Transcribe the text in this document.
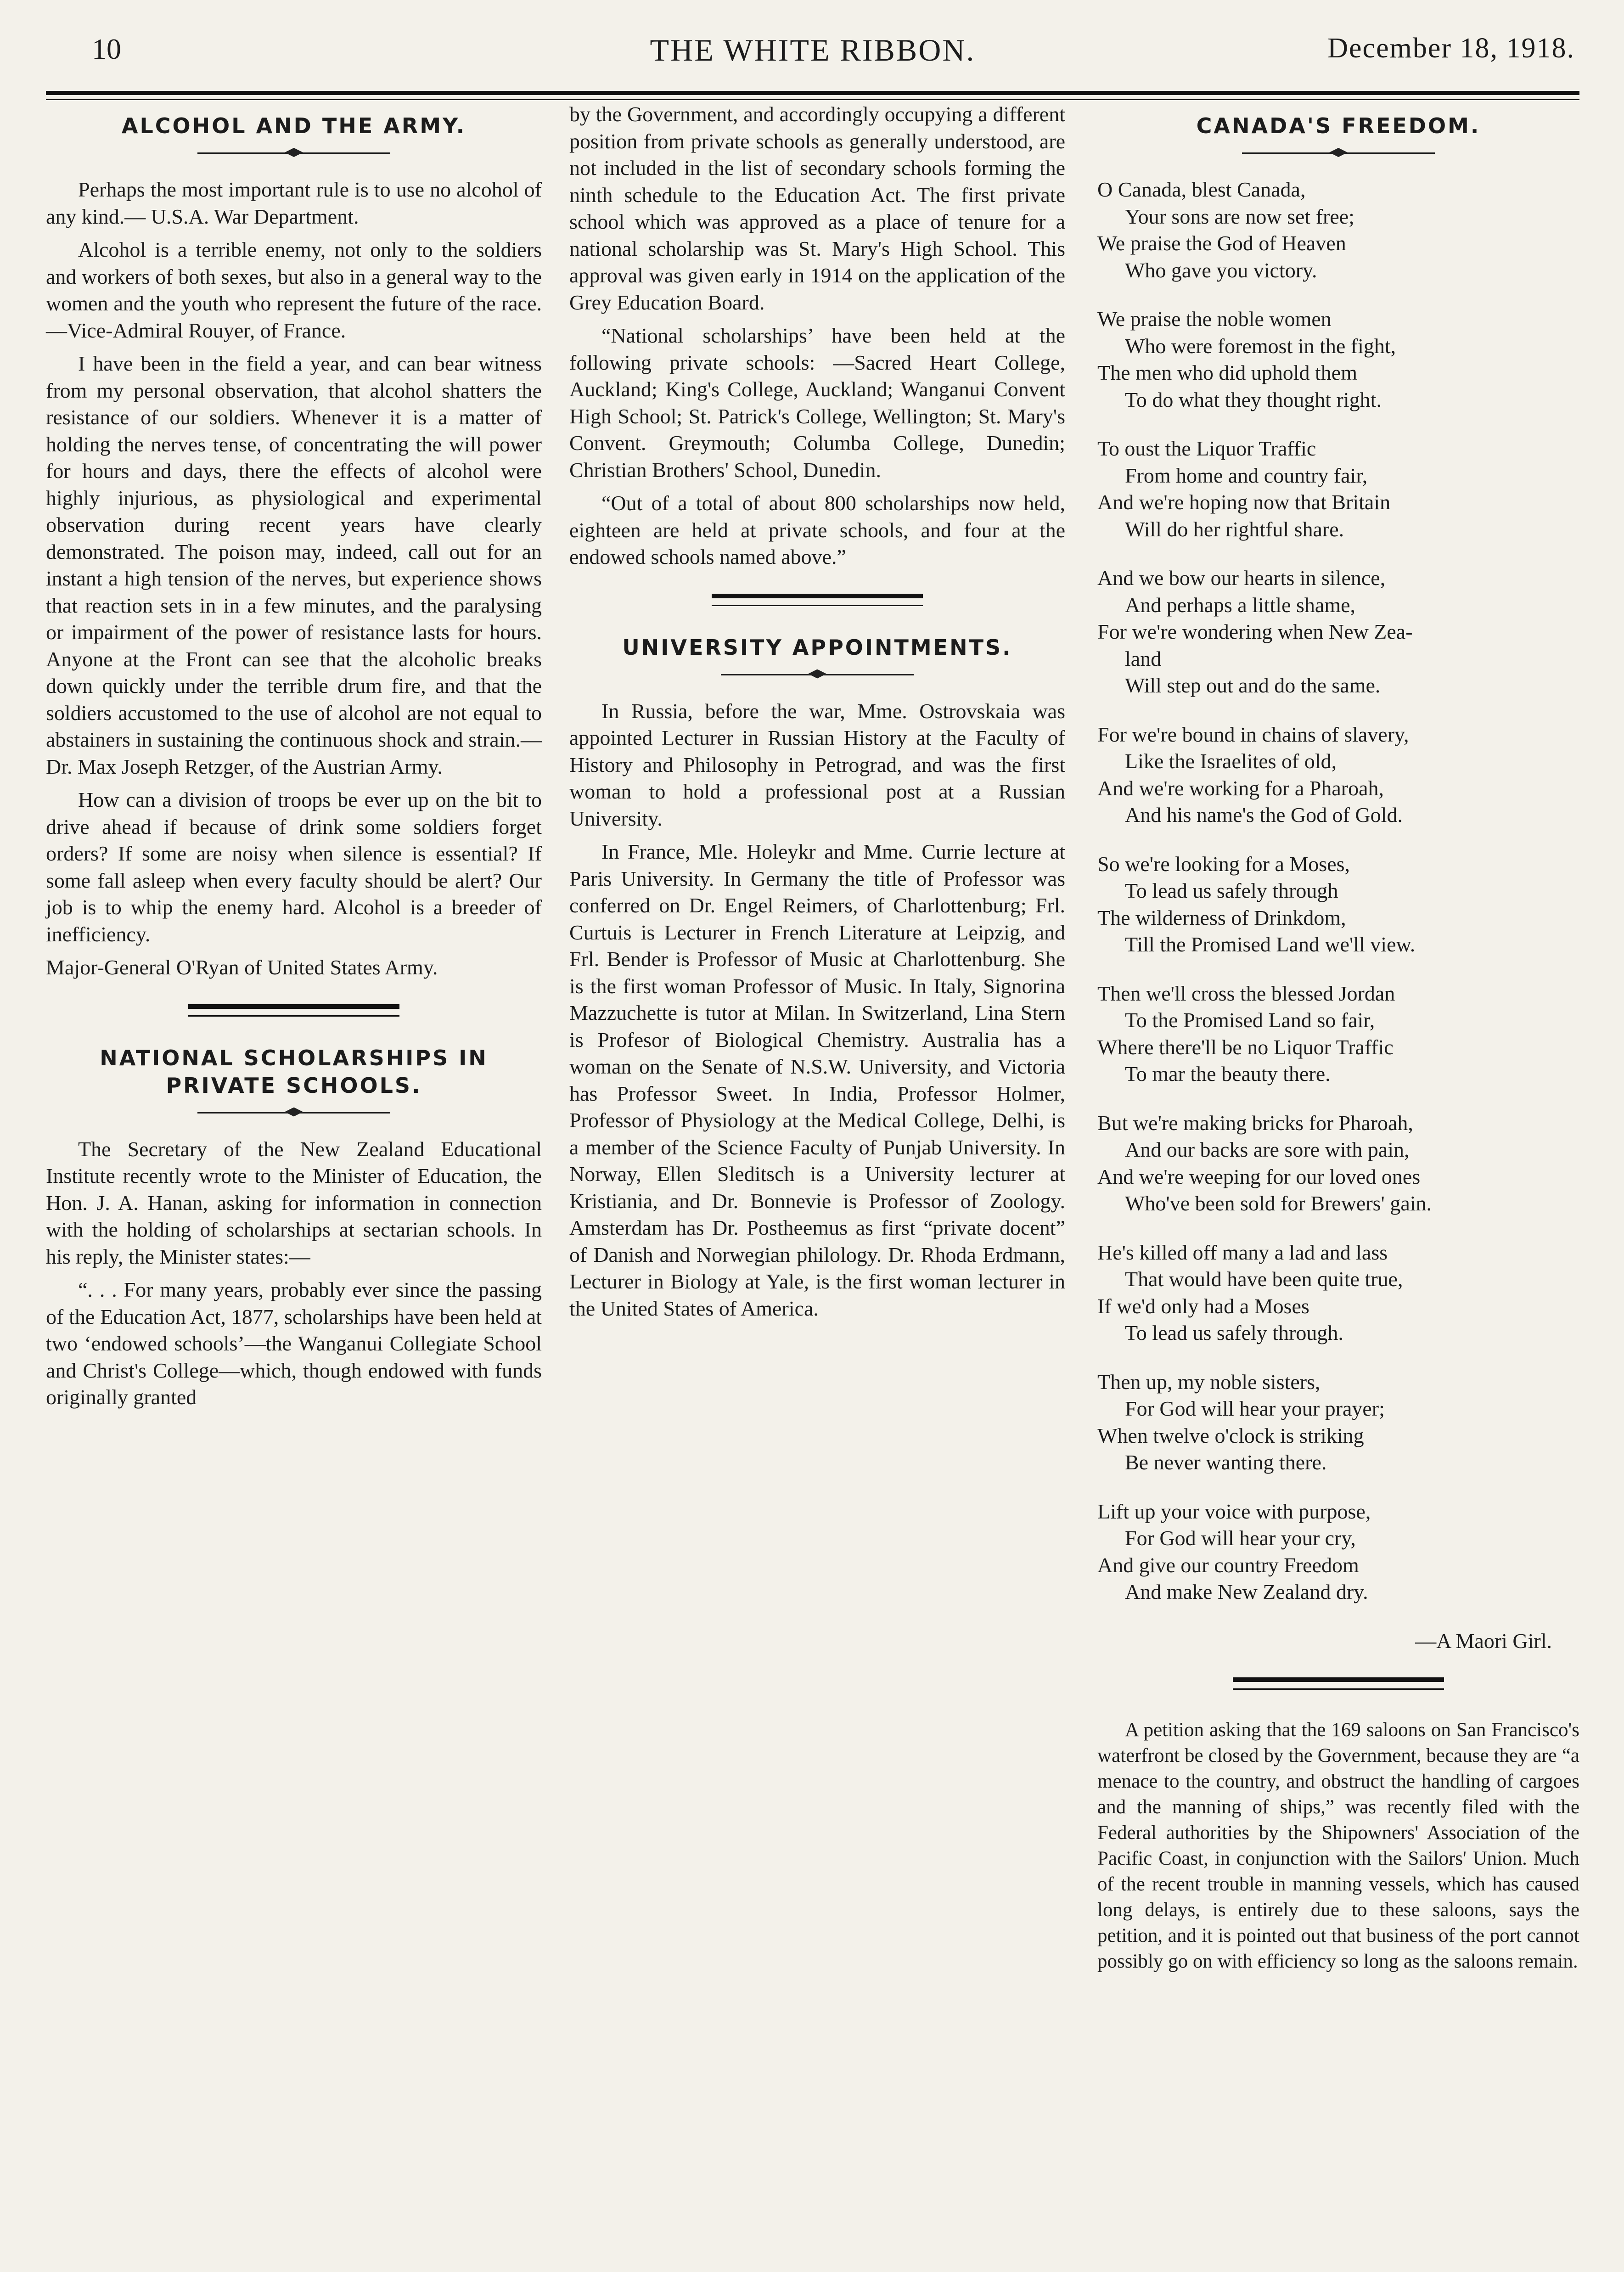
10	THE WHITE RIBBON.	December 18, 1918.
ALCOHOL AND THE ARMY.

Perhaps the most important rule is to use no alcohol of any kind.— U.S.A. War Department.

Alcohol is a terrible enemy, not only to the soldiers and workers of both sexes, but also in a general way to the women and the youth who represent the future of the race.—Vice-Admiral Rouyer, of France.

I have been in the field a year, and can bear witness from my personal observation, that alcohol shatters the resistance of our soldiers. Whenever it is a matter of holding the nerves tense, of concentrating the will power for hours and days, there the effects of alcohol were highly injurious, as physiological and experimental observation during recent years have clearly demonstrated. The poison may, indeed, call out for an instant a high tension of the nerves, but experience shows that reaction sets in in a few minutes, and the paralysing or impairment of the power of resistance lasts for hours. Anyone at the Front can see that the alcoholic breaks down quickly under the terrible drum fire, and that the soldiers accustomed to the use of alcohol are not equal to abstainers in sustaining the continuous shock and strain.—Dr. Max Joseph Retzger, of the Austrian Army.

How can a division of troops be ever up on the bit to drive ahead if because of drink some soldiers forget orders? If some are noisy when silence is essential? If some fall asleep when every faculty should be alert? Our job is to whip the enemy hard. Alcohol is a breeder of inefficiency.

Major-General O'Ryan of United States Army.

NATIONAL SCHOLARSHIPS IN PRIVATE SCHOOLS.

The Secretary of the New Zealand Educational Institute recently wrote to the Minister of Education, the Hon. J. A. Hanan, asking for information in connection with the holding of scholarships at sectarian schools. In his reply, the Minister states:—

“. . . For many years, probably ever since the passing of the Education Act, 1877, scholarships have been held at two ‘endowed schools’—the Wanganui Collegiate School and Christ's College—which, though endowed with funds originally granted

by the Government, and accordingly occupying a different position from private schools as generally understood, are not included in the list of secondary schools forming the ninth schedule to the Education Act. The first private school which was approved as a place of tenure for a national scholarship was St. Mary's High School. This approval was given early in 1914 on the application of the Grey Education Board.

“National scholarships’ have been held at the following private schools: —Sacred Heart College, Auckland; King's College, Auckland; Wanganui Convent High School; St. Patrick's College, Wellington; St. Mary's Convent. Greymouth; Columba College, Dunedin; Christian Brothers' School, Dunedin.

“Out of a total of about 800 scholarships now held, eighteen are held at private schools, and four at the endowed schools named above.”

UNIVERSITY APPOINTMENTS.

In Russia, before the war, Mme. Ostrovskaia was appointed Lecturer in Russian History at the Faculty of History and Philosophy in Petrograd, and was the first woman to hold a professional post at a Russian University.

In France, Mle. Holeykr and Mme. Currie lecture at Paris University. In Germany the title of Professor was conferred on Dr. Engel Reimers, of Charlottenburg; Frl. Curtuis is Lecturer in French Literature at Leipzig, and Frl. Bender is Professor of Music at Charlottenburg. She is the first woman Professor of Music. In Italy, Signorina Mazzuchette is tutor at Milan. In Switzerland, Lina Stern is Profesor of Biological Chemistry. Australia has a woman on the Senate of N.S.W. University, and Victoria has Professor Sweet. In India, Professor Holmer, Professor of Physiology at the Medical College, Delhi, is a member of the Science Faculty of Punjab University. In Norway, Ellen Sleditsch is a University lecturer at Kristiania, and Dr. Bonnevie is Professor of Zoology. Amsterdam has Dr. Postheemus as first “private docent” of Danish and Norwegian philology. Dr. Rhoda Erdmann, Lecturer in Biology at Yale, is the first woman lecturer in the United States of America.

CANADA'S FREEDOM.
O Canada, blest Canada,
Your sons are now set free;
We praise the God of Heaven
Who gave you victory.
We praise the noble women
Who were foremost in the fight,
The men who did uphold them
To do what they thought right.
To oust the Liquor Traffic
From home and country fair,
And we're hoping now that Britain
Will do her rightful share.
And we bow our hearts in silence,
And perhaps a little shame,
For we're wondering when New Zea-
land
Will step out and do the same.
For we're bound in chains of slavery,
Like the Israelites of old,
And we're working for a Pharoah,
And his name's the God of Gold.
So we're looking for a Moses,
To lead us safely through
The wilderness of Drinkdom,
Till the Promised Land we'll view.
Then we'll cross the blessed Jordan
To the Promised Land so fair,
Where there'll be no Liquor Traffic
To mar the beauty there.
But we're making bricks for Pharoah,
And our backs are sore with pain,
And we're weeping for our loved ones
Who've been sold for Brewers' gain.
He's killed off many a lad and lass
That would have been quite true,
If we'd only had a Moses
To lead us safely through.
Then up, my noble sisters,
For God will hear your prayer;
When twelve o'clock is striking
Be never wanting there.
Lift up your voice with purpose,
For God will hear your cry,
And give our country Freedom
And make New Zealand dry.
—A Maori Girl.

A petition asking that the 169 saloons on San Francisco's waterfront be closed by the Government, because they are “a menace to the country, and obstruct the handling of cargoes and the manning of ships,” was recently filed with the Federal authorities by the Shipowners' Association of the Pacific Coast, in conjunction with the Sailors' Union. Much of the recent trouble in manning vessels, which has caused long delays, is entirely due to these saloons, says the petition, and it is pointed out that business of the port cannot possibly go on with efficiency so long as the saloons remain.
